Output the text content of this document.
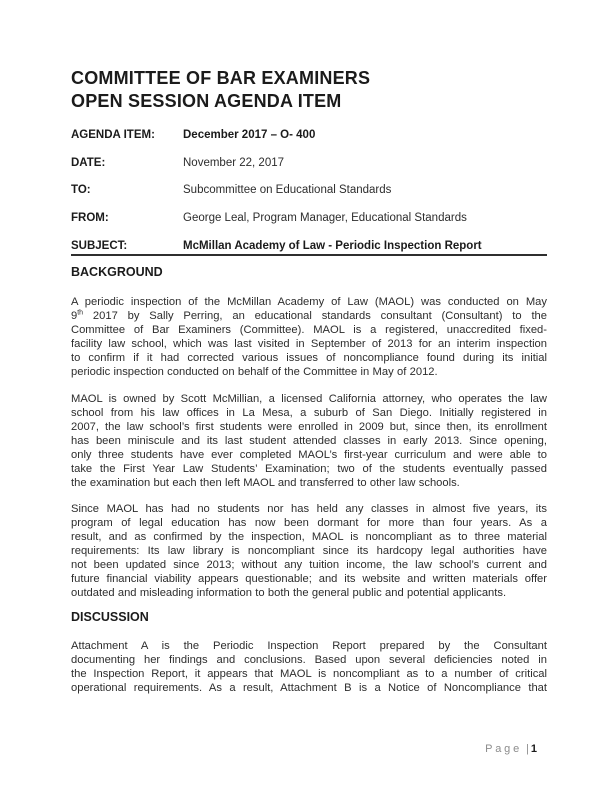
COMMITTEE OF BAR EXAMINERS
OPEN SESSION AGENDA ITEM
AGENDA ITEM:	December 2017 – O- 400
DATE:	November 22, 2017
TO:	Subcommittee on Educational Standards
FROM:	George Leal, Program Manager, Educational Standards
SUBJECT:	McMillan Academy of Law - Periodic Inspection Report
BACKGROUND
A periodic inspection of the McMillan Academy of Law (MAOL) was conducted on May
9th 2017 by Sally Perring, an educational standards consultant (Consultant) to the
Committee of Bar Examiners (Committee). MAOL is a registered, unaccredited fixed-
facility law school, which was last visited in September of 2013 for an interim inspection
to confirm if it had corrected various issues of noncompliance found during its initial
periodic inspection conducted on behalf of the Committee in May of 2012.
MAOL is owned by Scott McMillian, a licensed California attorney, who operates the law
school from his law offices in La Mesa, a suburb of San Diego. Initially registered in
2007, the law school’s first students were enrolled in 2009 but, since then, its enrollment
has been miniscule and its last student attended classes in early 2013. Since opening,
only three students have ever completed MAOL’s first-year curriculum and were able to
take the First Year Law Students’ Examination; two of the students eventually passed
the examination but each then left MAOL and transferred to other law schools.
Since MAOL has had no students nor has held any classes in almost five years, its
program of legal education has now been dormant for more than four years. As a
result, and as confirmed by the inspection, MAOL is noncompliant as to three material
requirements: Its law library is noncompliant since its hardcopy legal authorities have
not been updated since 2013; without any tuition income, the law school’s current and
future financial viability appears questionable; and its website and written materials offer
outdated and misleading information to both the general public and potential applicants.
DISCUSSION
Attachment A is the Periodic Inspection Report prepared by the Consultant
documenting her findings and conclusions. Based upon several deficiencies noted in
the Inspection Report, it appears that MAOL is noncompliant as to a number of critical
operational requirements. As a result, Attachment B is a Notice of Noncompliance that
Page | 1
